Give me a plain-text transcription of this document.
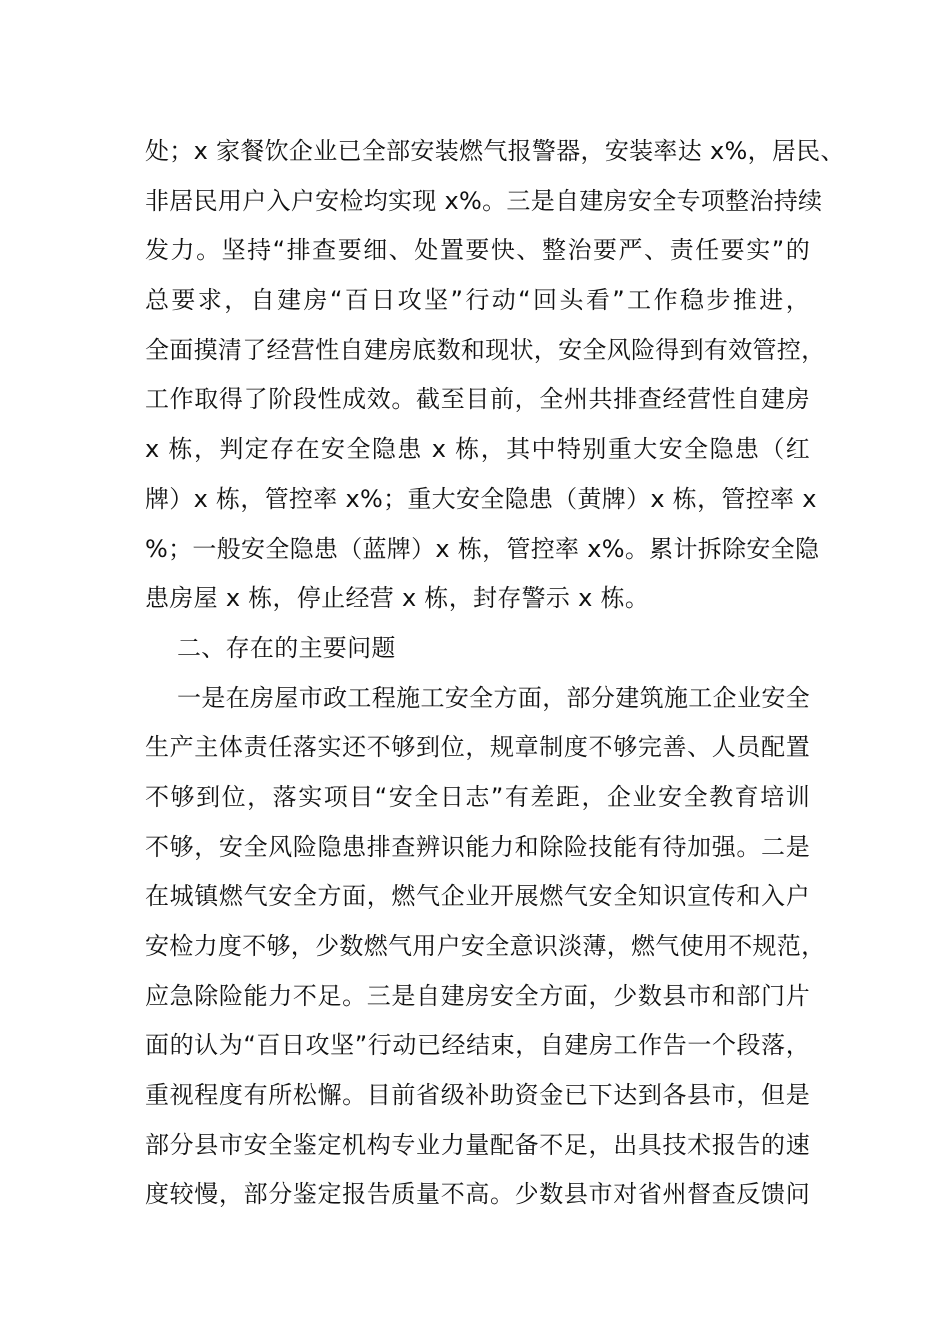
处；x 家餐饮企业已全部安装燃气报警器，安装率达 x%，居民、
非居民用户入户安检均实现 x%。三是自建房安全专项整治持续
发力。坚持“排查要细、处置要快、整治要严、责任要实”的
总要求，自建房“百日攻坚”行动“回头看”工作稳步推进，
全面摸清了经营性自建房底数和现状，安全风险得到有效管控，
工作取得了阶段性成效。截至目前，全州共排查经营性自建房
x 栋，判定存在安全隐患 x 栋，其中特别重大安全隐患（红
牌）x 栋，管控率 x%；重大安全隐患（黄牌）x 栋，管控率 x
%；一般安全隐患（蓝牌）x 栋，管控率 x%。累计拆除安全隐
患房屋 x 栋，停止经营 x 栋，封存警示 x 栋。
二、存在的主要问题
一是在房屋市政工程施工安全方面，部分建筑施工企业安全
生产主体责任落实还不够到位，规章制度不够完善、人员配置
不够到位，落实项目“安全日志”有差距，企业安全教育培训
不够，安全风险隐患排查辨识能力和除险技能有待加强。二是
在城镇燃气安全方面，燃气企业开展燃气安全知识宣传和入户
安检力度不够，少数燃气用户安全意识淡薄，燃气使用不规范，
应急除险能力不足。三是自建房安全方面，少数县市和部门片
面的认为“百日攻坚”行动已经结束，自建房工作告一个段落，
重视程度有所松懈。目前省级补助资金已下达到各县市，但是
部分县市安全鉴定机构专业力量配备不足，出具技术报告的速
度较慢，部分鉴定报告质量不高。少数县市对省州督查反馈问
